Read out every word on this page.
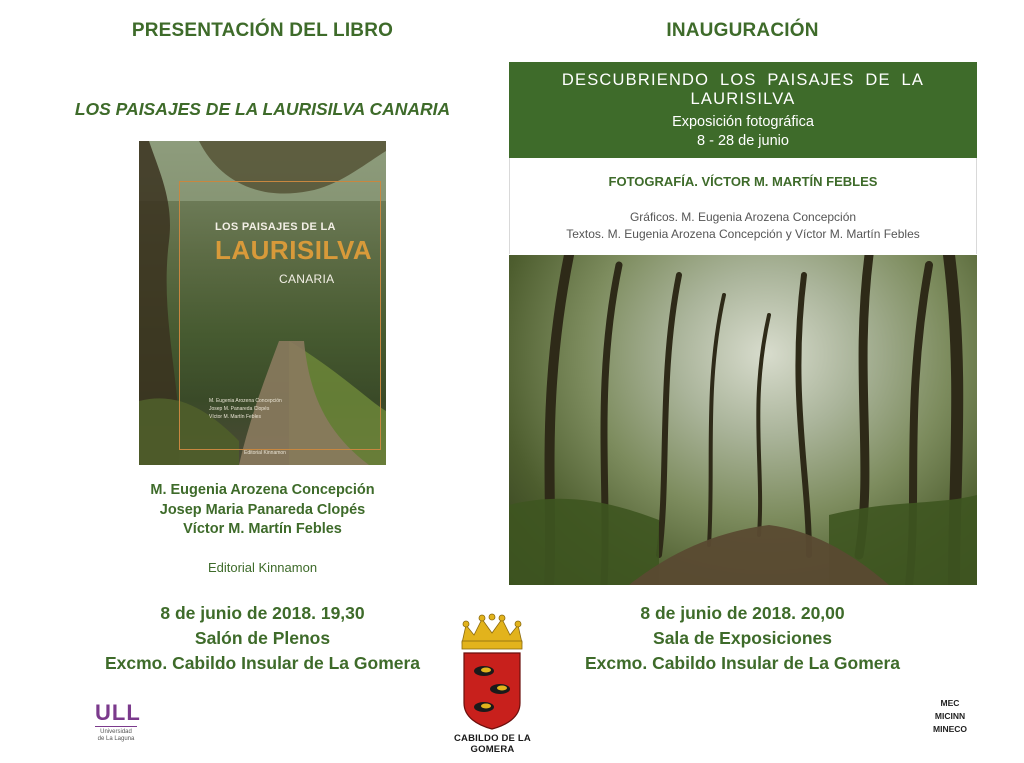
PRESENTACIÓN DEL LIBRO
LOS PAISAJES DE LA LAURISILVA CANARIA
LOS PAISAJES DE LA
LAURISILVA
CANARIA
M. Eugenia Arozena Concepción
Josep M. Panareda Clopés
Víctor M. Martín Febles
Editorial Kinnamon
M. Eugenia Arozena Concepción
Josep Maria Panareda Clopés
Víctor M. Martín Febles
Editorial Kinnamon
8 de junio de 2018. 19,30
Salón de Plenos
Excmo. Cabildo Insular de La Gomera
INAUGURACIÓN
DESCUBRIENDO LOS PAISAJES DE LA LAURISILVA
Exposición fotográfica
8 - 28 de junio
FOTOGRAFÍA. VÍCTOR M. MARTÍN FEBLES
Gráficos. M. Eugenia Arozena Concepción
Textos. M. Eugenia Arozena Concepción y Víctor M. Martín Febles
8 de junio de 2018. 20,00
Sala de Exposiciones
Excmo. Cabildo Insular de La Gomera
ULL
Universidad
de La Laguna	CABILDO DE LA GOMERA
MEC
MICINN
MINECO
